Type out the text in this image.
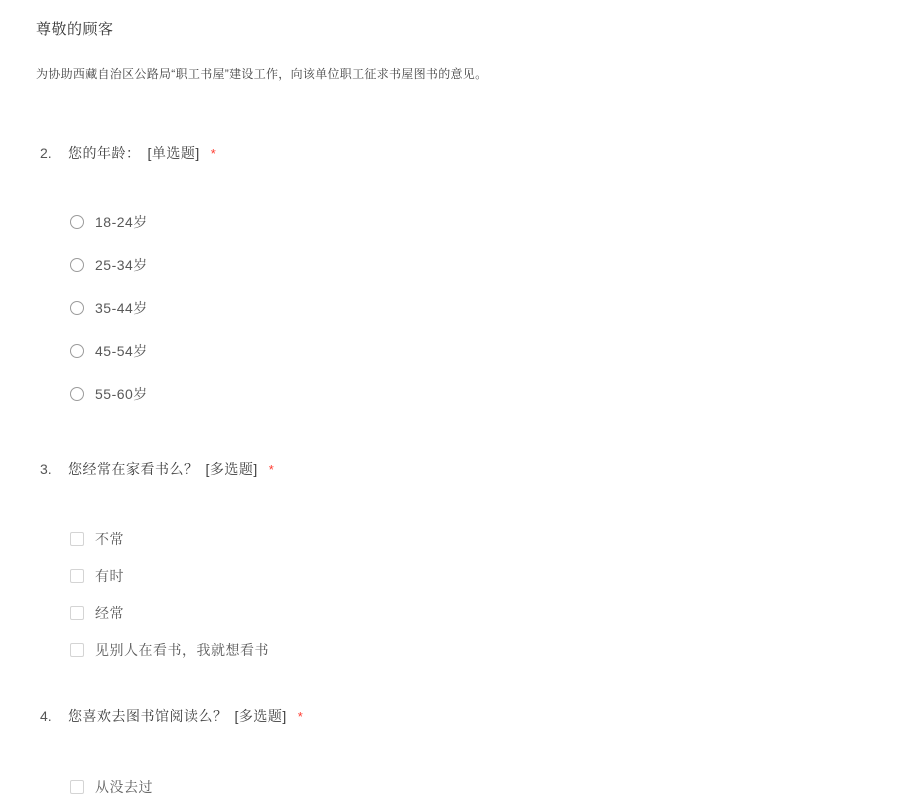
尊敬的顾客
为协助西藏自治区公路局“职工书屋”建设工作，向该单位职工征求书屋图书的意见。
2.	您的年龄： [单选题] *
18-24岁
25-34岁
35-44岁
45-54岁
55-60岁
3.	您经常在家看书么？ [多选题] *
不常
有时
经常
见别人在看书，我就想看书
4.	您喜欢去图书馆阅读么？ [多选题] *
从没去过
